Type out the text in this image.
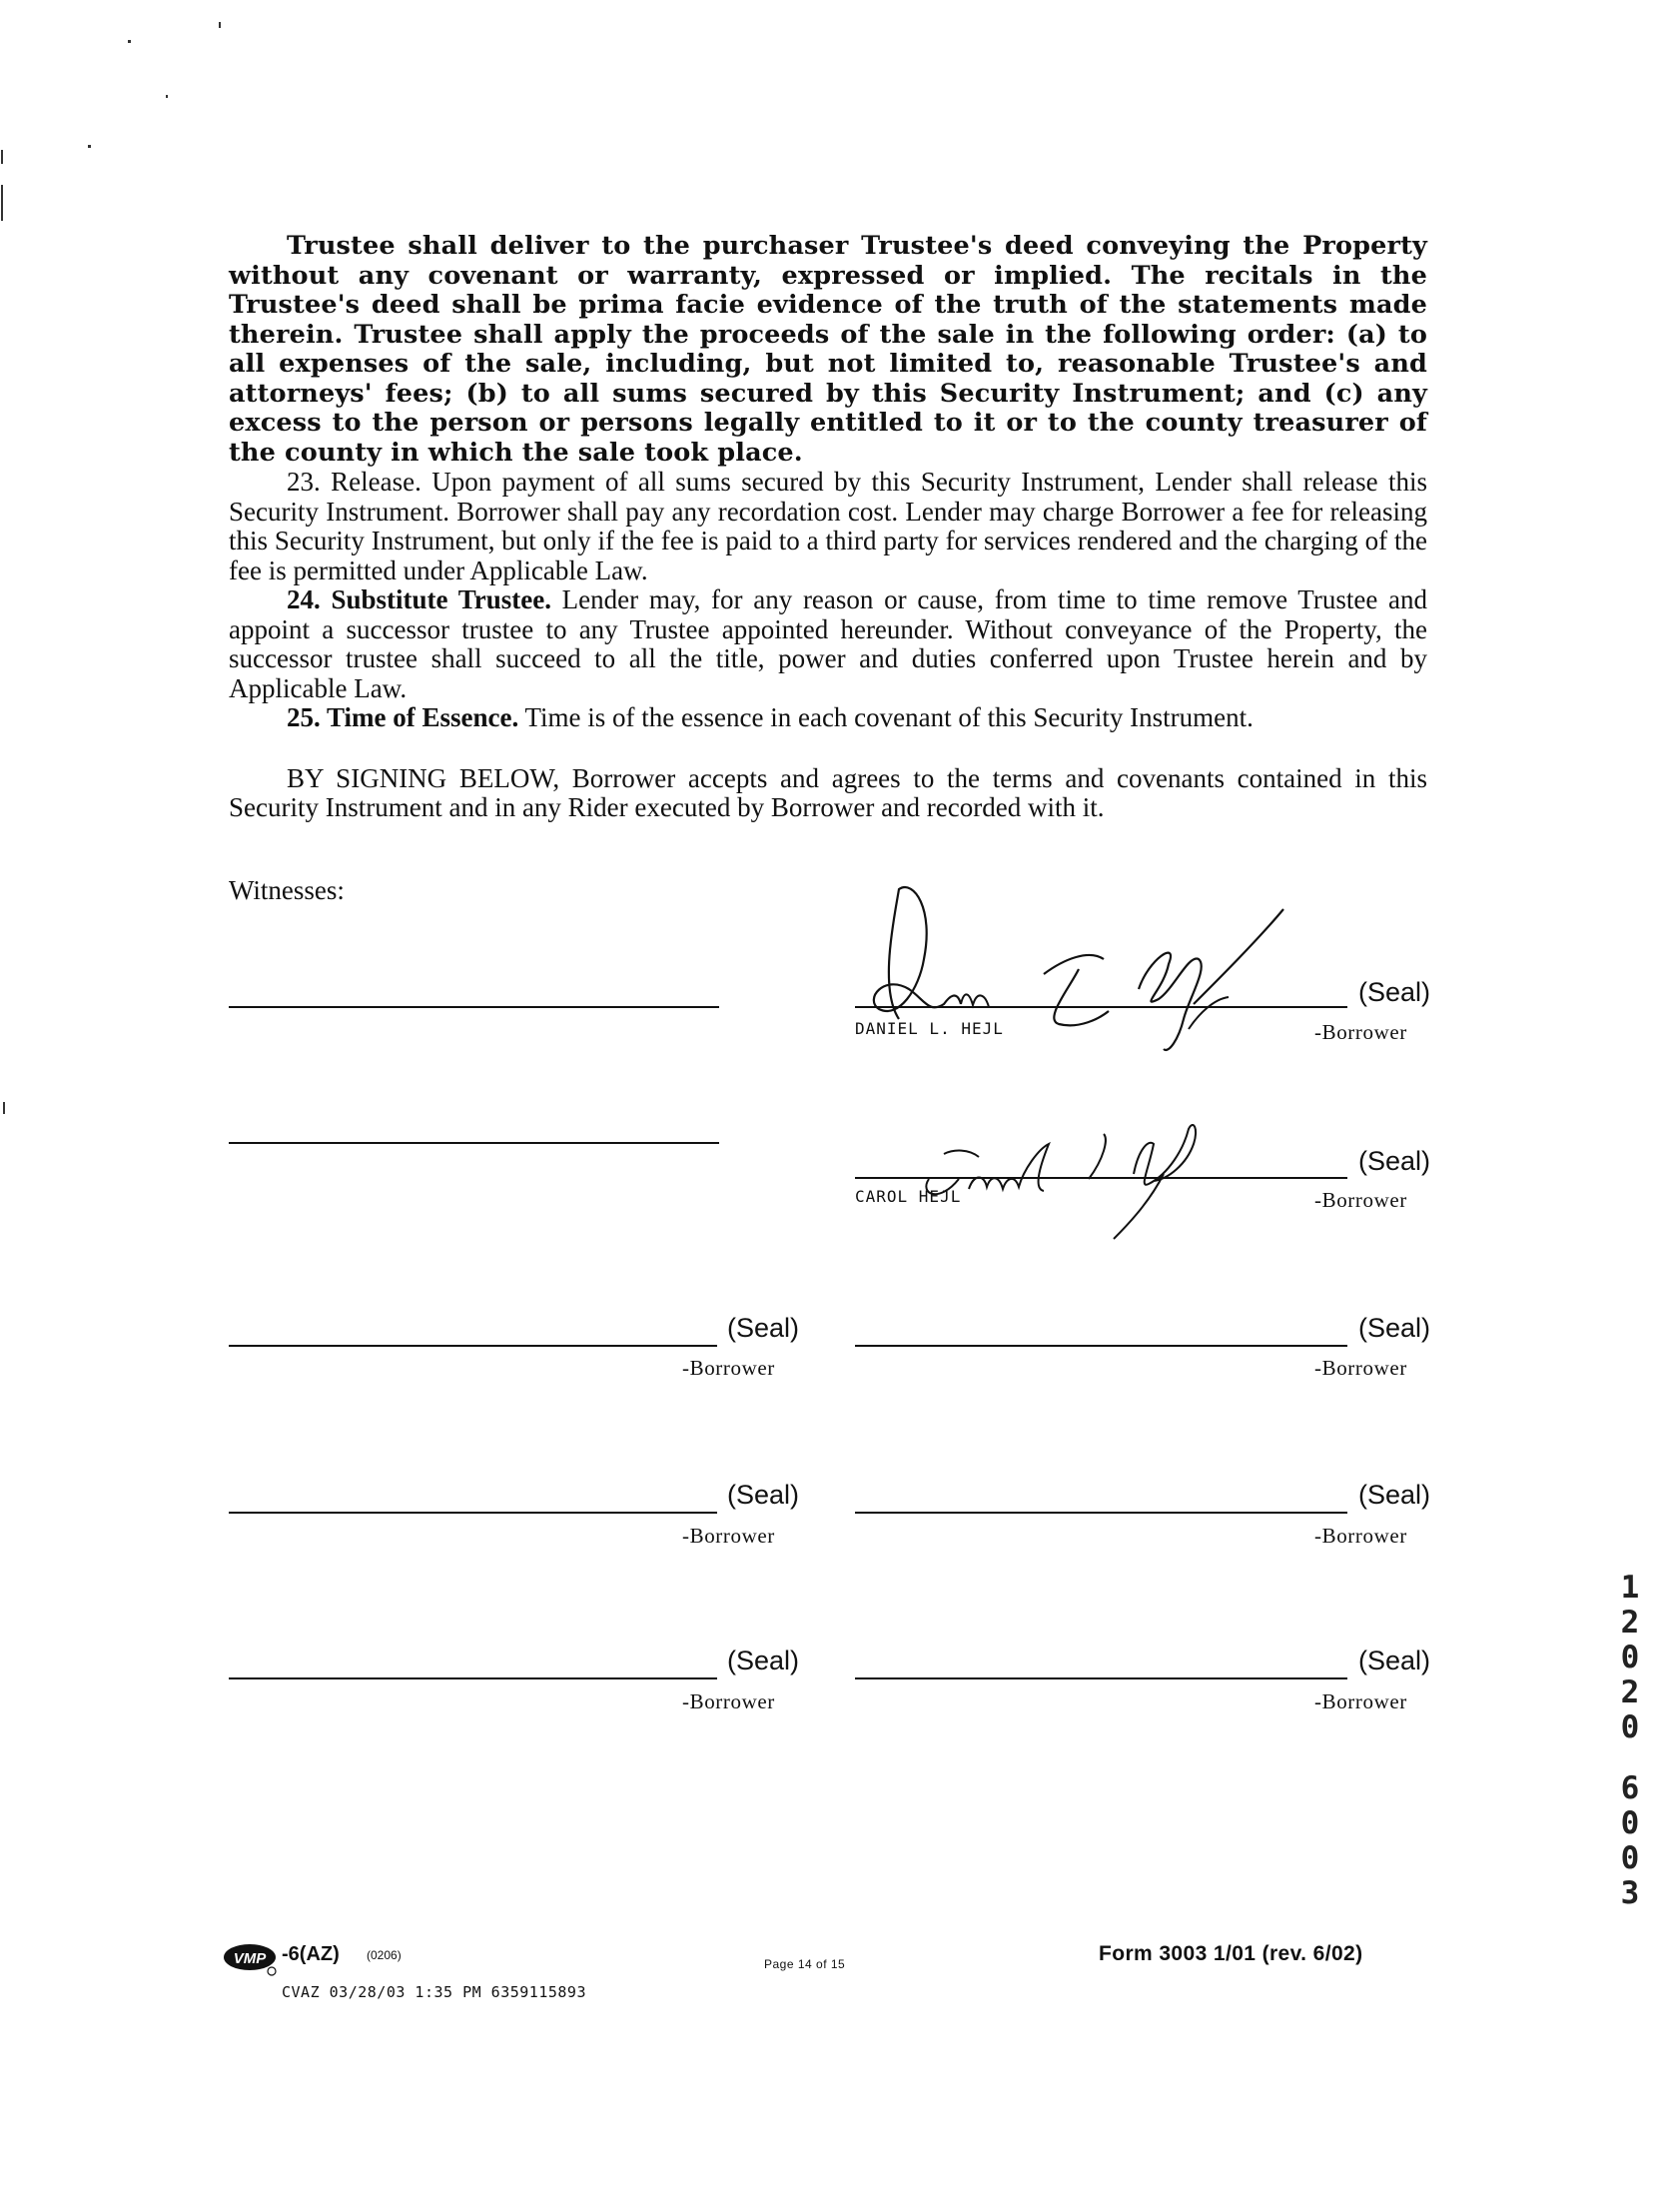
Trustee shall deliver to the purchaser Trustee's deed conveying the Property without any covenant or warranty, expressed or implied. The recitals in the Trustee's deed shall be prima facie evidence of the truth of the statements made therein. Trustee shall apply the proceeds of the sale in the following order: (a) to all expenses of the sale, including, but not limited to, reasonable Trustee's and attorneys' fees; (b) to all sums secured by this Security Instrument; and (c) any excess to the person or persons legally entitled to it or to the county treasurer of the county in which the sale took place.

23. Release. Upon payment of all sums secured by this Security Instrument, Lender shall release this Security Instrument. Borrower shall pay any recordation cost. Lender may charge Borrower a fee for releasing this Security Instrument, but only if the fee is paid to a third party for services rendered and the charging of the fee is permitted under Applicable Law.

24. Substitute Trustee. Lender may, for any reason or cause, from time to time remove Trustee and appoint a successor trustee to any Trustee appointed hereunder. Without conveyance of the Property, the successor trustee shall succeed to all the title, power and duties conferred upon Trustee herein and by Applicable Law.

25. Time of Essence. Time is of the essence in each covenant of this Security Instrument.

BY SIGNING BELOW, Borrower accepts and agrees to the terms and covenants contained in this Security Instrument and in any Rider executed by Borrower and recorded with it.

Witnesses:
(Seal)
DANIEL L. HEJL	-Borrower
(Seal)
CAROL HEJL	-Borrower
(Seal)
-Borrower
(Seal)
-Borrower
(Seal)
-Borrower
(Seal)
-Borrower
(Seal)
-Borrower
(Seal)
-Borrower
VMP -6(AZ) (0206)
CVAZ 03/28/03 1:35 PM 6359115893
Page 14 of 15	Form 3003 1/01 (rev. 6/02)
1
2
0
2
0
6
0
0
3
